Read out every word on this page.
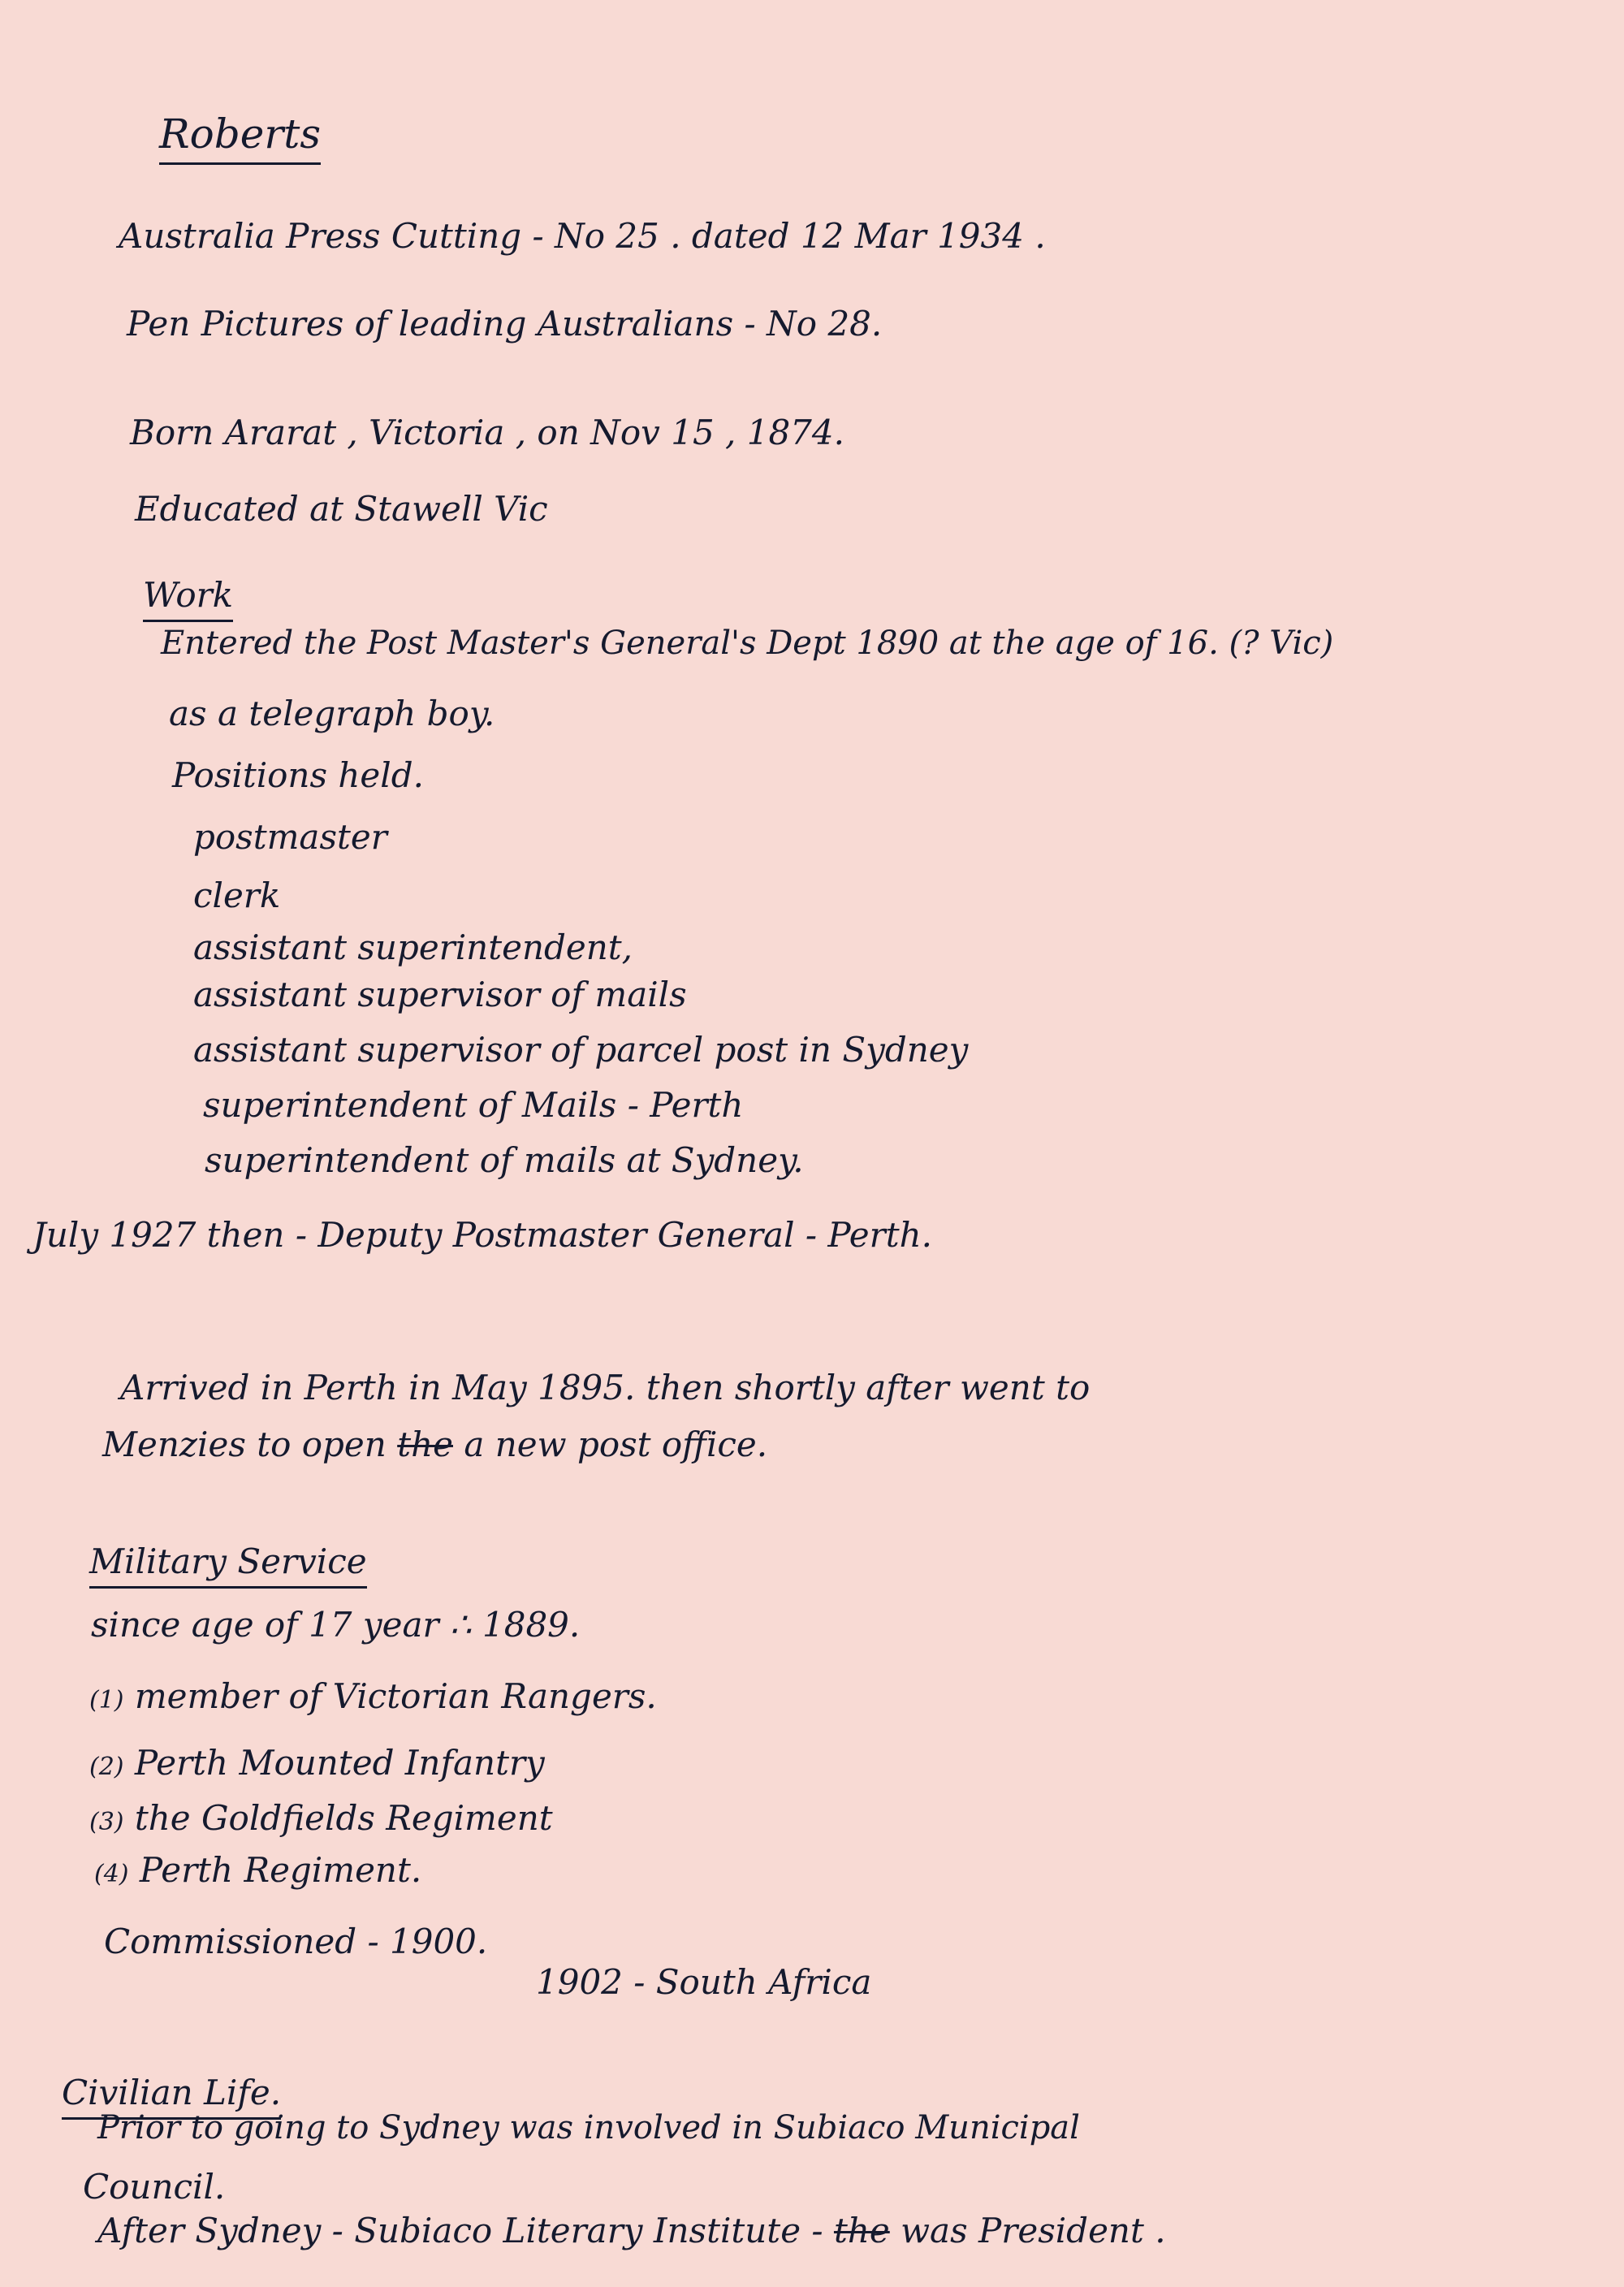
Roberts
Australia Press Cutting - No 25 . dated 12 Mar 1934 .
Pen Pictures of leading Australians - No 28.
Born Ararat , Victoria , on Nov 15 , 1874.
Educated at Stawell Vic
Work
Entered the Post Master's General's Dept 1890 at the age of 16. (? Vic)
as a telegraph boy.
Positions held.
postmaster
clerk
assistant superintendent,
assistant supervisor of mails
assistant supervisor of parcel post in Sydney
superintendent of Mails - Perth
superintendent of mails at Sydney.
July 1927 then - Deputy Postmaster General - Perth.
Arrived in Perth in May 1895. then shortly after went to
Menzies to open the a new post office.
Military Service
since age of 17 year ∴ 1889.
(1) member of Victorian Rangers.
(2) Perth Mounted Infantry
(3) the Goldfields Regiment
(4) Perth Regiment.
Commissioned - 1900.
1902 - South Africa
Civilian Life.
Prior to going to Sydney was involved in Subiaco Municipal
Council.
After Sydney - Subiaco Literary Institute - the was President .
